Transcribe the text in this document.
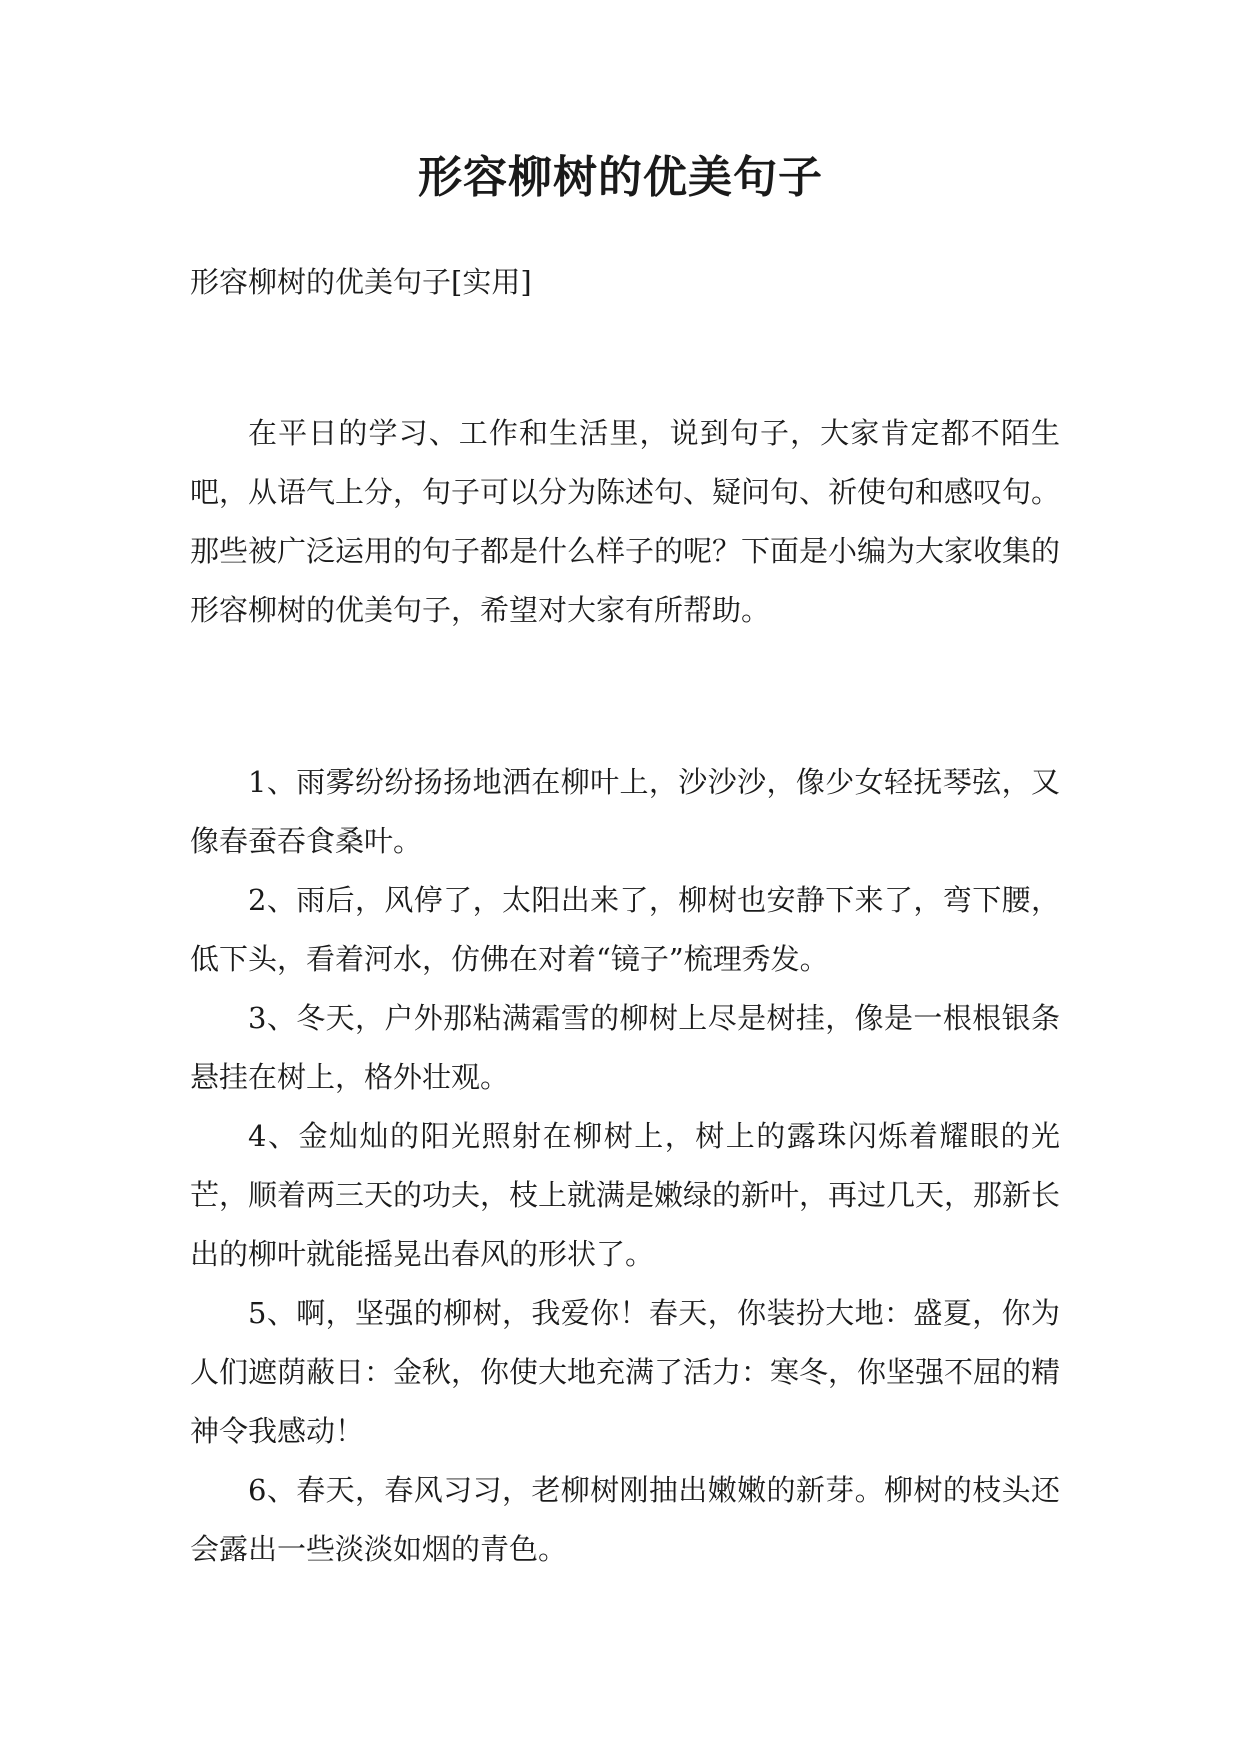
形容柳树的优美句子

形容柳树的优美句子[实用]

在平日的学习、工作和生活里，说到句子，大家肯定都不陌生吧，从语气上分，句子可以分为陈述句、疑问句、祈使句和感叹句。那些被广泛运用的句子都是什么样子的呢？下面是小编为大家收集的形容柳树的优美句子，希望对大家有所帮助。

1、雨雾纷纷扬扬地洒在柳叶上，沙沙沙，像少女轻抚琴弦，又像春蚕吞食桑叶。

2、雨后，风停了，太阳出来了，柳树也安静下来了，弯下腰，低下头，看着河水，仿佛在对着“镜子”梳理秀发。

3、冬天，户外那粘满霜雪的柳树上尽是树挂，像是一根根银条悬挂在树上，格外壮观。

4、金灿灿的阳光照射在柳树上，树上的露珠闪烁着耀眼的光芒，顺着两三天的功夫，枝上就满是嫩绿的新叶，再过几天，那新长出的柳叶就能摇晃出春风的形状了。

5、啊，坚强的柳树，我爱你！春天，你装扮大地：盛夏，你为人们遮荫蔽日：金秋，你使大地充满了活力：寒冬，你坚强不屈的精神令我感动！

6、春天，春风习习，老柳树刚抽出嫩嫩的新芽。柳树的枝头还会露出一些淡淡如烟的青色。
